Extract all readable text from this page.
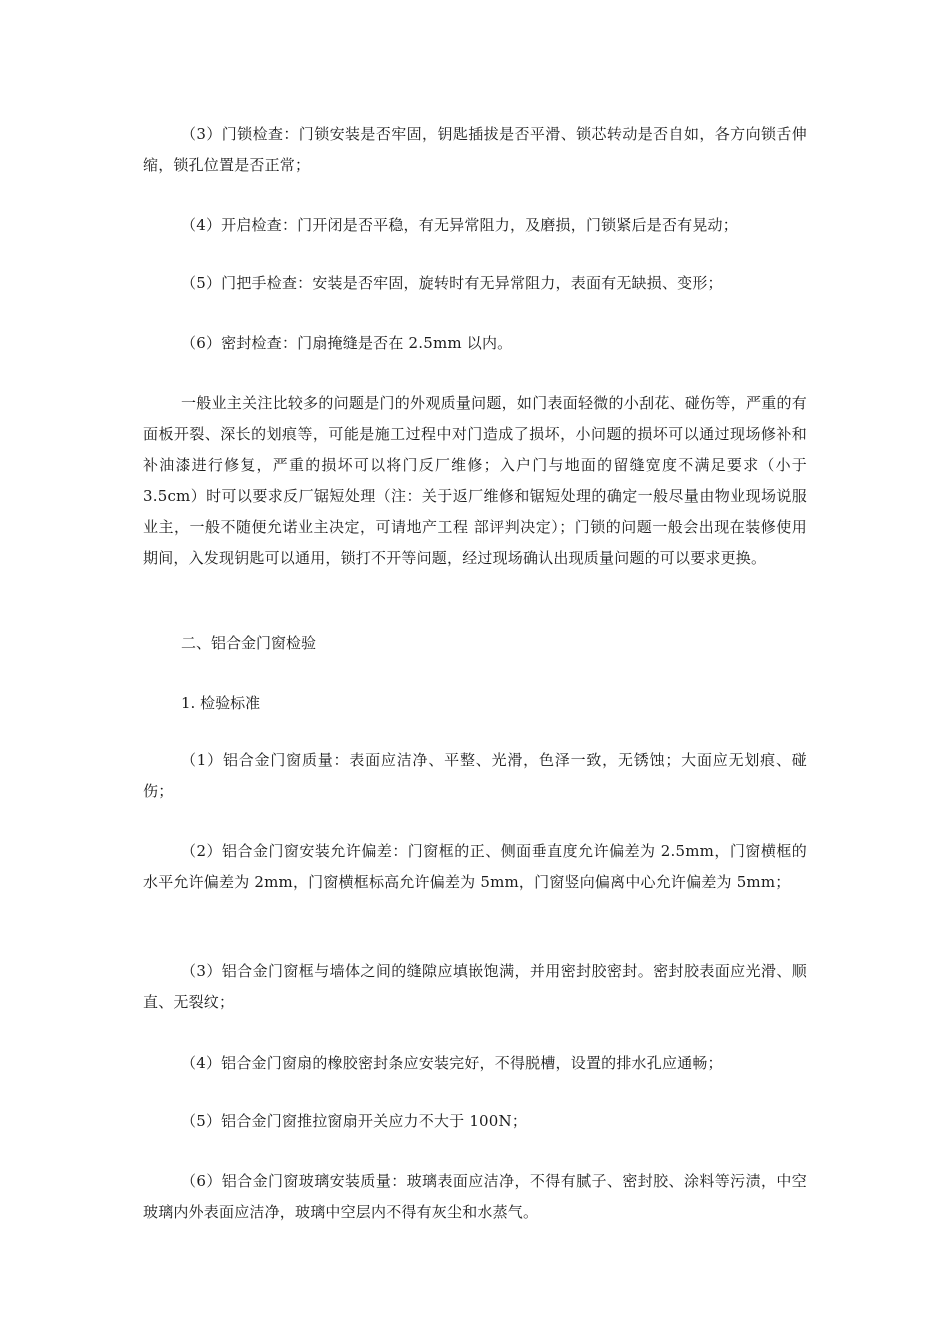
（3）门锁检查：门锁安装是否牢固，钥匙插拔是否平滑、锁芯转动是否自如，各方向锁舌伸缩，锁孔位置是否正常；

（4）开启检查：门开闭是否平稳，有无异常阻力，及磨损，门锁紧后是否有晃动；

（5）门把手检查：安装是否牢固，旋转时有无异常阻力，表面有无缺损、变形；

（6）密封检查：门扇掩缝是否在 2.5mm 以内。

一般业主关注比较多的问题是门的外观质量问题，如门表面轻微的小刮花、碰伤等，严重的有面板开裂、深长的划痕等，可能是施工过程中对门造成了损坏，小问题的损坏可以通过现场修补和补油漆进行修复，严重的损坏可以将门反厂维修；入户门与地面的留缝宽度不满足要求（小于 3.5cm）时可以要求反厂锯短处理（注：关于返厂维修和锯短处理的确定一般尽量由物业现场说服业主，一般不随便允诺业主决定，可请地产工程 部评判决定）；门锁的问题一般会出现在装修使用期间，入发现钥匙可以通用，锁打不开等问题，经过现场确认出现质量问题的可以要求更换。

二、铝合金门窗检验

1. 检验标准

（1）铝合金门窗质量：表面应洁净、平整、光滑，色泽一致，无锈蚀；大面应无划痕、碰伤；

（2）铝合金门窗安装允许偏差：门窗框的正、侧面垂直度允许偏差为 2.5mm，门窗横框的水平允许偏差为 2mm，门窗横框标高允许偏差为 5mm，门窗竖向偏离中心允许偏差为 5mm；

（3）铝合金门窗框与墙体之间的缝隙应填嵌饱满，并用密封胶密封。密封胶表面应光滑、顺直、无裂纹；

（4）铝合金门窗扇的橡胶密封条应安装完好，不得脱槽，设置的排水孔应通畅；

（5）铝合金门窗推拉窗扇开关应力不大于 100N；

（6）铝合金门窗玻璃安装质量：玻璃表面应洁净，不得有腻子、密封胶、涂料等污渍，中空玻璃内外表面应洁净，玻璃中空层内不得有灰尘和水蒸气。
